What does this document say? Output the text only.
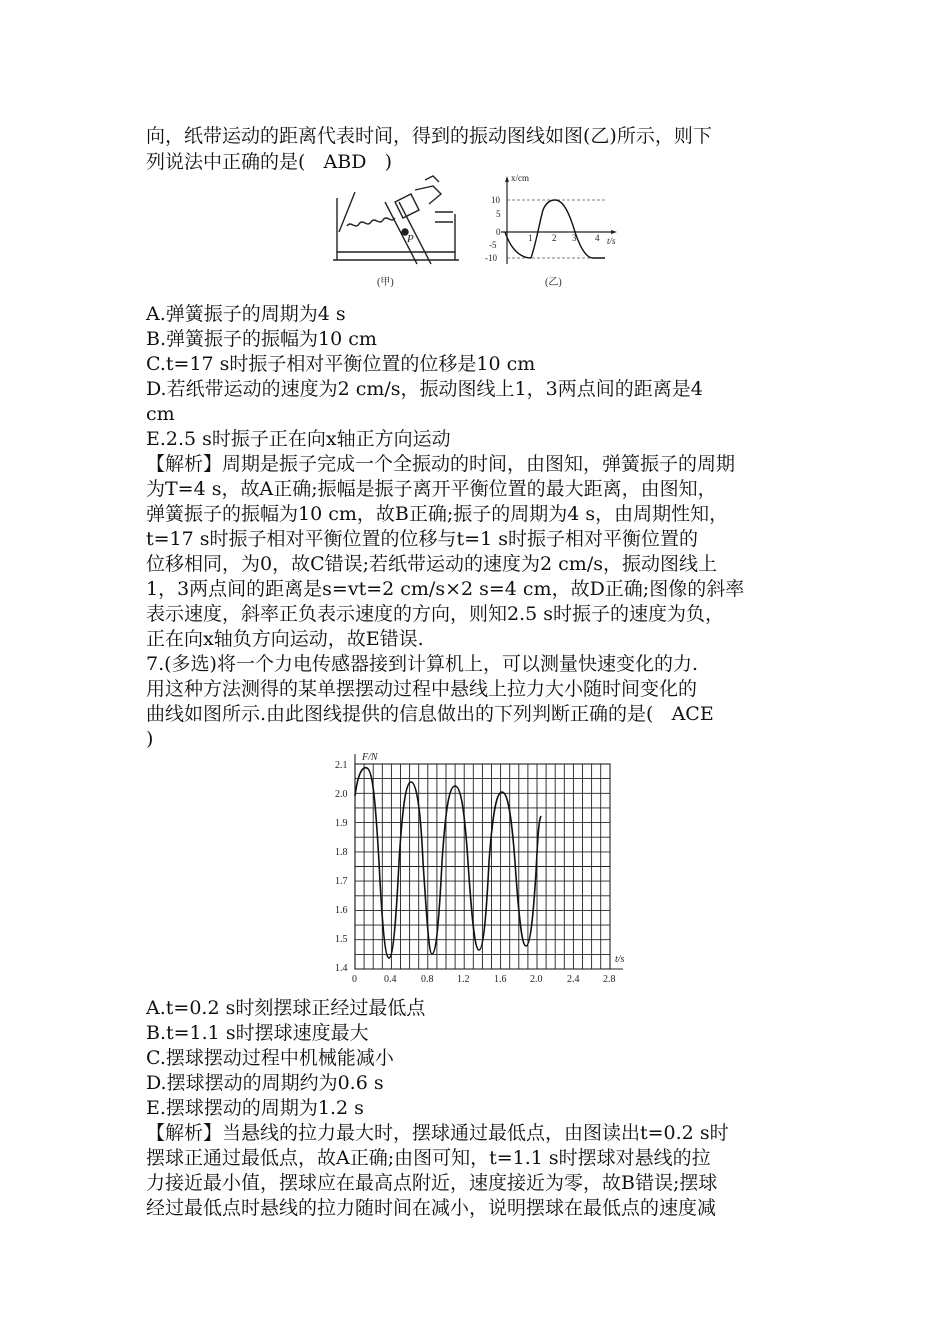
向，纸带运动的距离代表时间，得到的振动图线如图(乙)所示，则下
列说法中正确的是(   ABD   )
P
(甲)
x/cm
t/s
10
5
0
-5
-10
1 2 3 4
(乙)
A.弹簧振子的周期为4 s
B.弹簧振子的振幅为10 cm
C.t=17 s时振子相对平衡位置的位移是10 cm
D.若纸带运动的速度为2 cm/s，振动图线上1，3两点间的距离是4
cm
E.2.5 s时振子正在向x轴正方向运动
【解析】周期是振子完成一个全振动的时间，由图知，弹簧振子的周期
为T=4 s，故A正确;振幅是振子离开平衡位置的最大距离，由图知，
弹簧振子的振幅为10 cm，故B正确;振子的周期为4 s，由周期性知，
t=17 s时振子相对平衡位置的位移与t=1 s时振子相对平衡位置的
位移相同，为0，故C错误;若纸带运动的速度为2 cm/s，振动图线上
1，3两点间的距离是s=vt=2 cm/s×2 s=4 cm，故D正确;图像的斜率
表示速度，斜率正负表示速度的方向，则知2.5 s时振子的速度为负，
正在向x轴负方向运动，故E错误.
7.(多选)将一个力电传感器接到计算机上，可以测量快速变化的力.
用这种方法测得的某单摆摆动过程中悬线上拉力大小随时间变化的
曲线如图所示.由此图线提供的信息做出的下列判断正确的是(   ACE
)
F/N
t/s
2.1
2.0
1.9
1.8
1.7
1.6
1.5
1.4
0	0.4 0.8 1.2 1.6 2.0 2.4 2.8
A.t=0.2 s时刻摆球正经过最低点
B.t=1.1 s时摆球速度最大
C.摆球摆动过程中机械能减小
D.摆球摆动的周期约为0.6 s
E.摆球摆动的周期为1.2 s
【解析】当悬线的拉力最大时，摆球通过最低点，由图读出t=0.2 s时
摆球正通过最低点，故A正确;由图可知，t=1.1 s时摆球对悬线的拉
力接近最小值，摆球应在最高点附近，速度接近为零，故B错误;摆球
经过最低点时悬线的拉力随时间在减小，说明摆球在最低点的速度减
